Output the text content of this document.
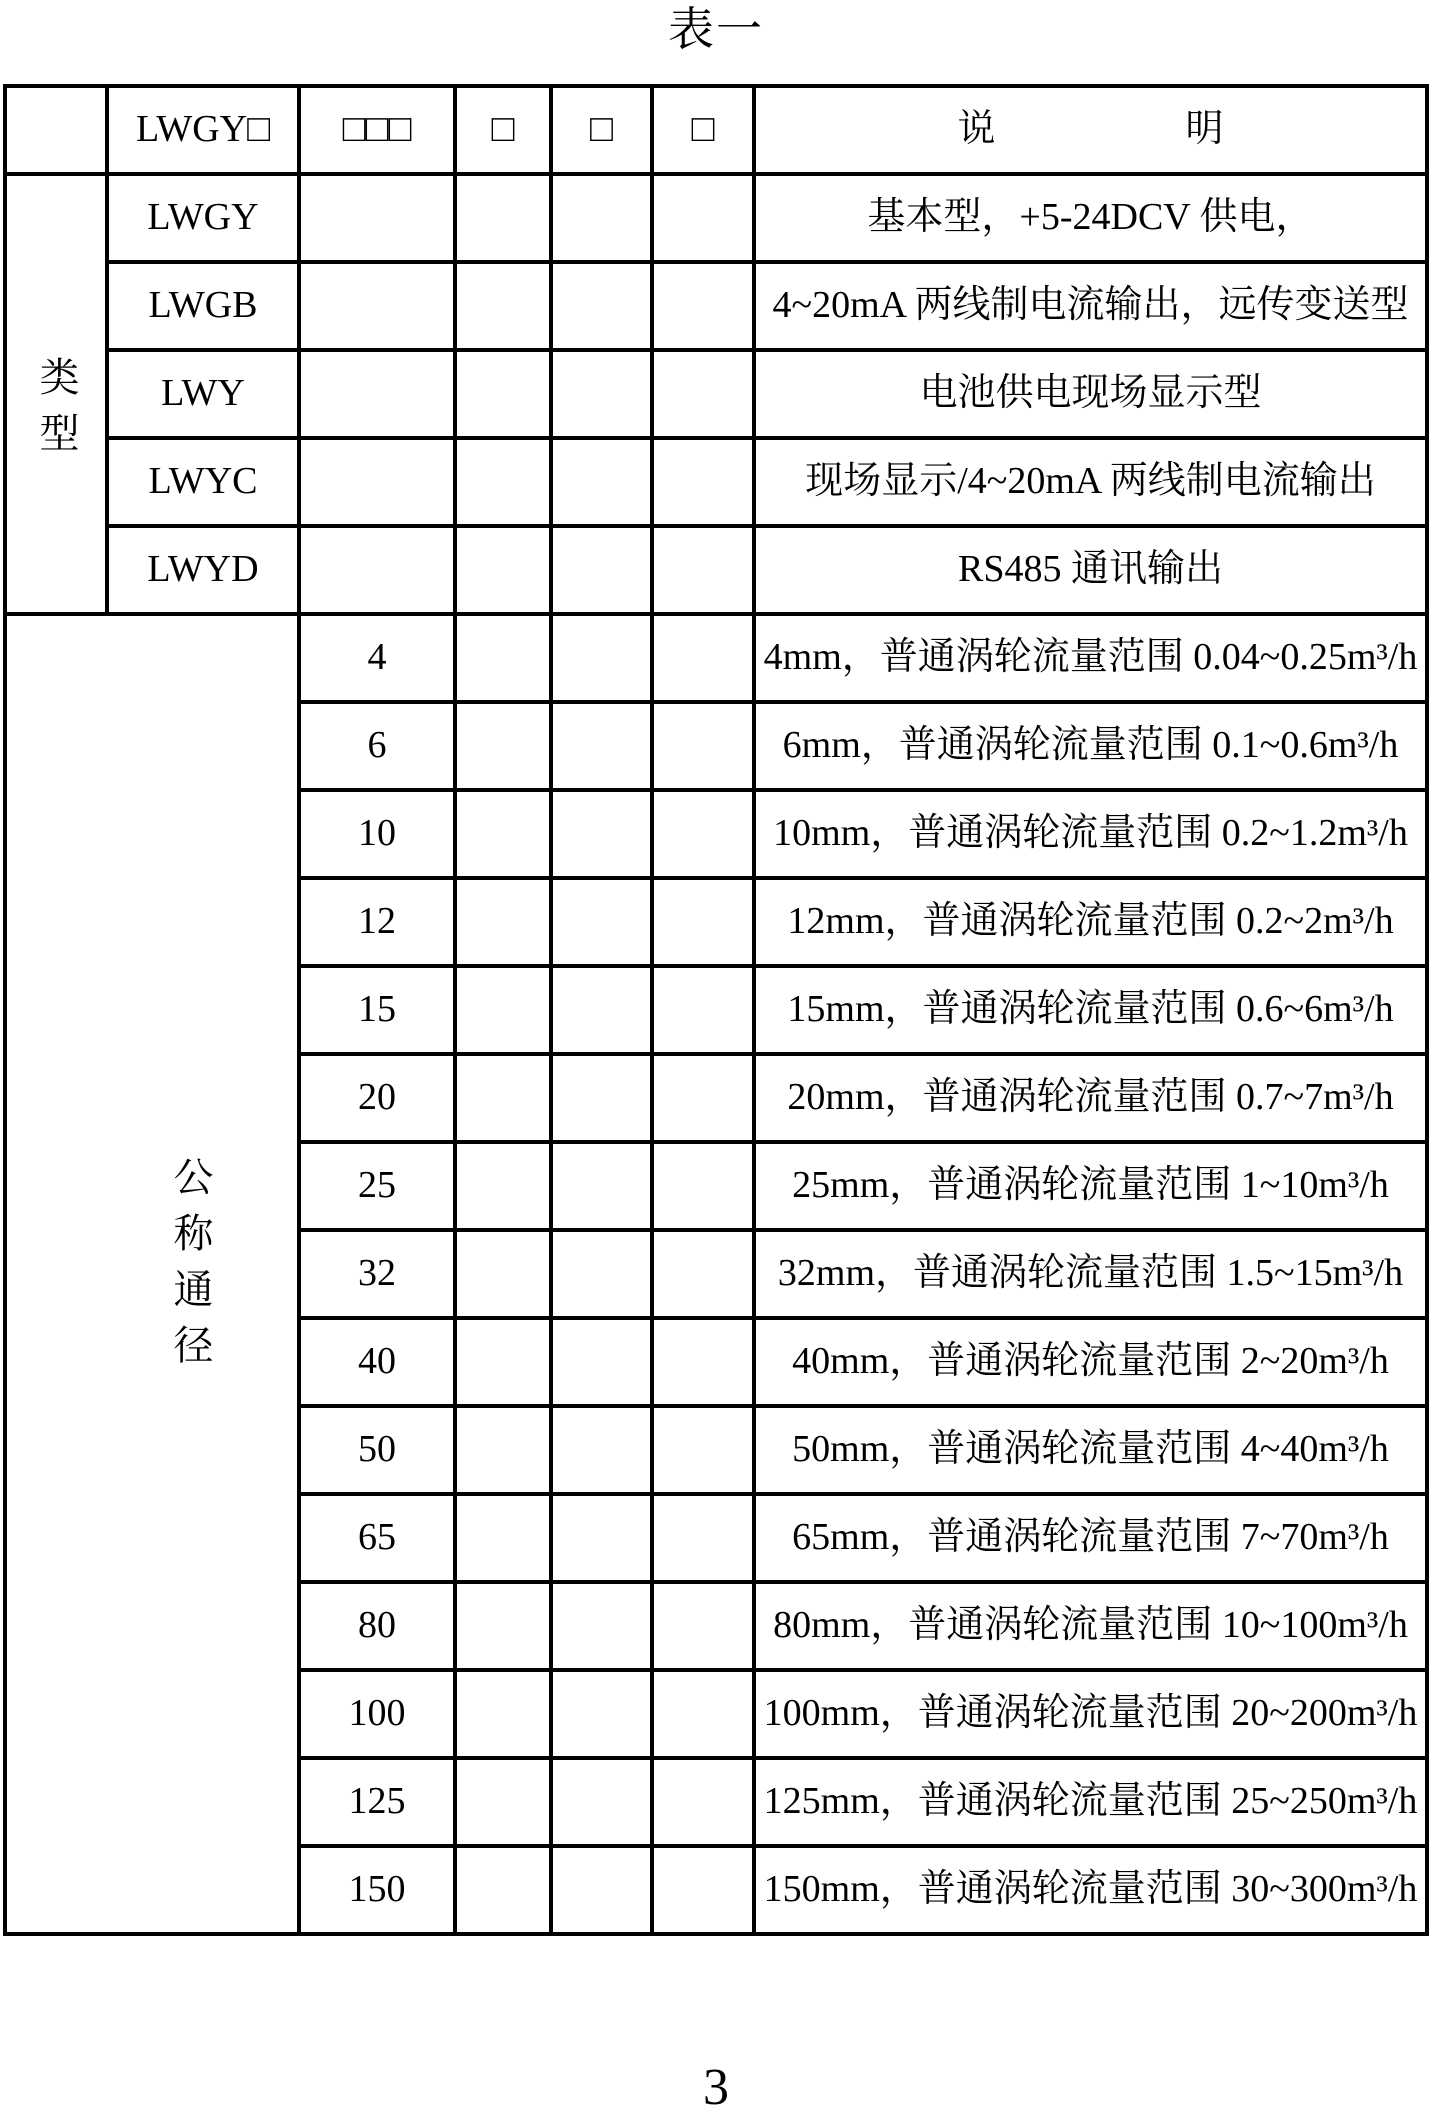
表一
	LWGY□	□□□	□	□	□	说　　　　　明

类型	LWGY					基本型，+5-24DCV 供电，
	LWGB					4~20mA 两线制电流输出，远传变送型
	LWY					电池供电现场显示型
	LWYC					现场显示/4~20mA 两线制电流输出
	LWYD					RS485 通讯输出

公称通径		4				4mm，普通涡轮流量范围 0.04~0.25m³/h
		6				6mm，普通涡轮流量范围 0.1~0.6m³/h
		10				10mm，普通涡轮流量范围 0.2~1.2m³/h
		12				12mm，普通涡轮流量范围 0.2~2m³/h
		15				15mm，普通涡轮流量范围 0.6~6m³/h
		20				20mm，普通涡轮流量范围 0.7~7m³/h
		25				25mm，普通涡轮流量范围 1~10m³/h
		32				32mm，普通涡轮流量范围 1.5~15m³/h
		40				40mm，普通涡轮流量范围 2~20m³/h
		50				50mm，普通涡轮流量范围 4~40m³/h
		65				65mm，普通涡轮流量范围 7~70m³/h
		80				80mm，普通涡轮流量范围 10~100m³/h
		100				100mm，普通涡轮流量范围 20~200m³/h
		125				125mm，普通涡轮流量范围 25~250m³/h
		150				150mm，普通涡轮流量范围 30~300m³/h
3
